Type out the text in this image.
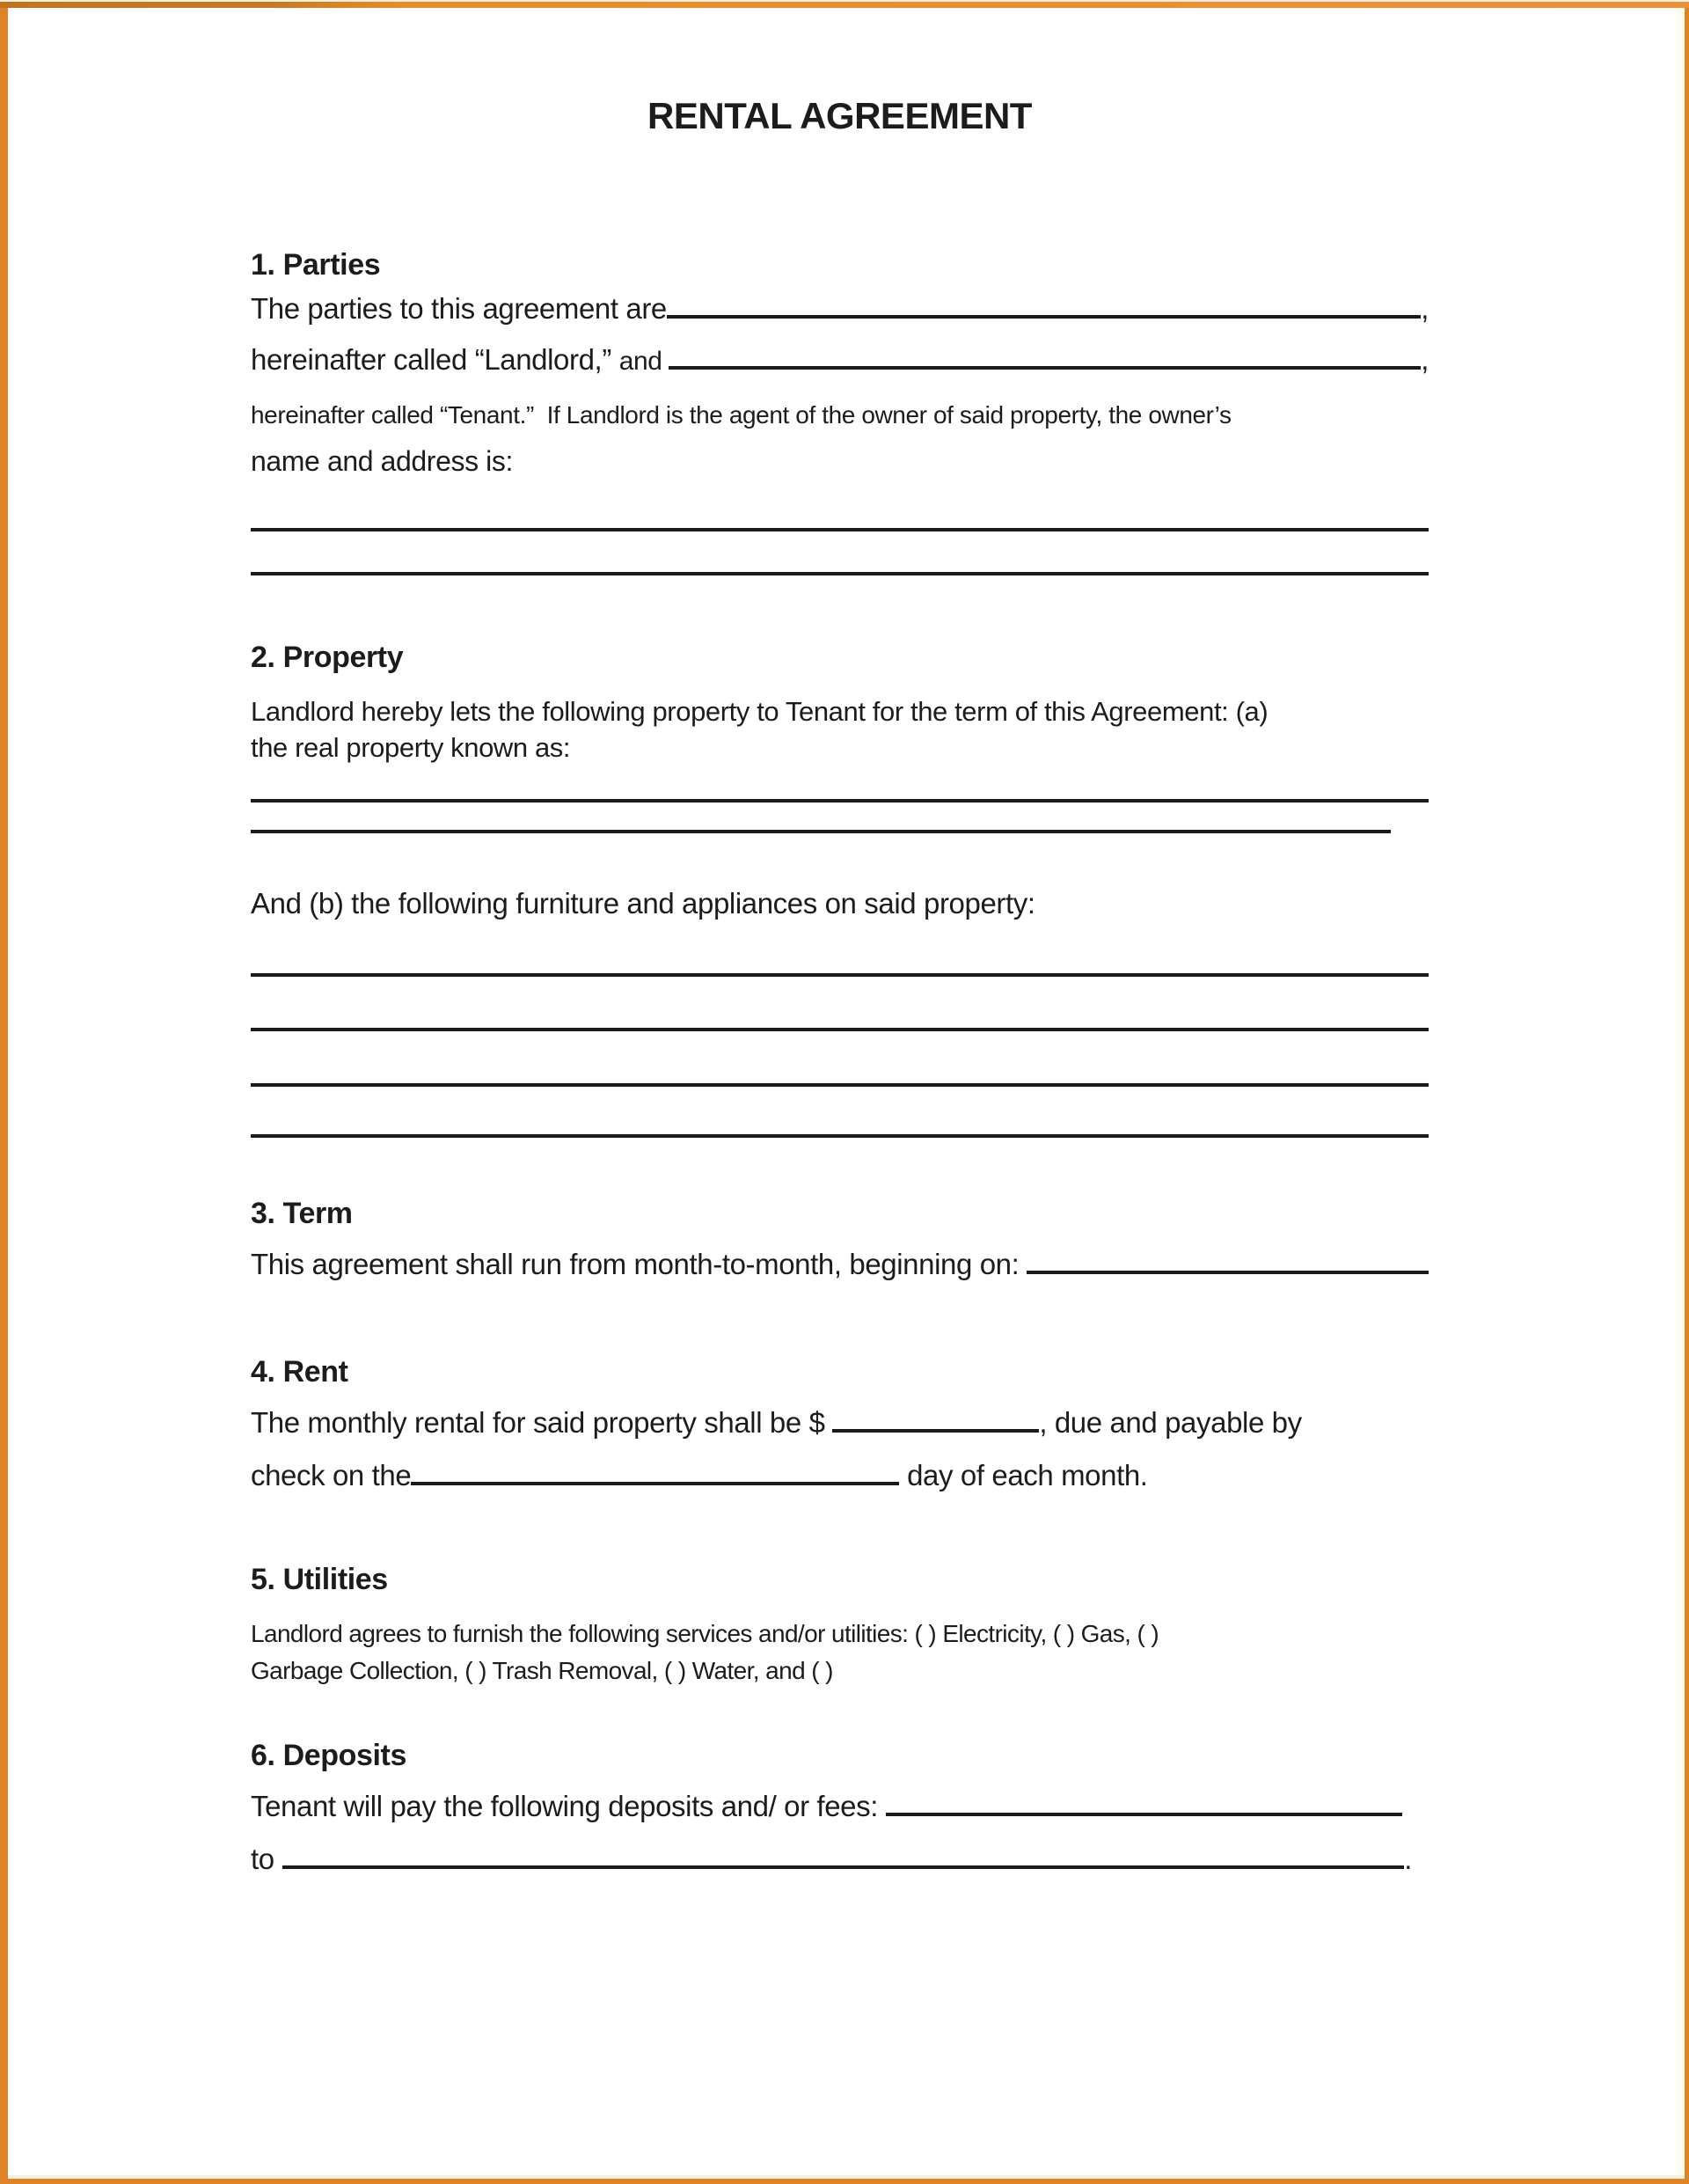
RENTAL AGREEMENT
1. Parties
The parties to this agreement are	,
hereinafter called “Landlord,” and	,
hereinafter called “Tenant.”  If Landlord is the agent of the owner of said property, the owner’s
name and address is:
2. Property
Landlord hereby lets the following property to Tenant for the term of this Agreement: (a)
the real property known as:
And (b) the following furniture and appliances on said property:
3. Term
This agreement shall run from month-to-month, beginning on:
4. Rent
The monthly rental for said property shall be $	, due and payable by
check on the	day of each month.
5. Utilities
Landlord agrees to furnish the following services and/or utilities: ( ) Electricity, ( ) Gas, ( )
Garbage Collection, ( ) Trash Removal, ( ) Water, and ( )
6. Deposits
Tenant will pay the following deposits and/ or fees:
to	.
